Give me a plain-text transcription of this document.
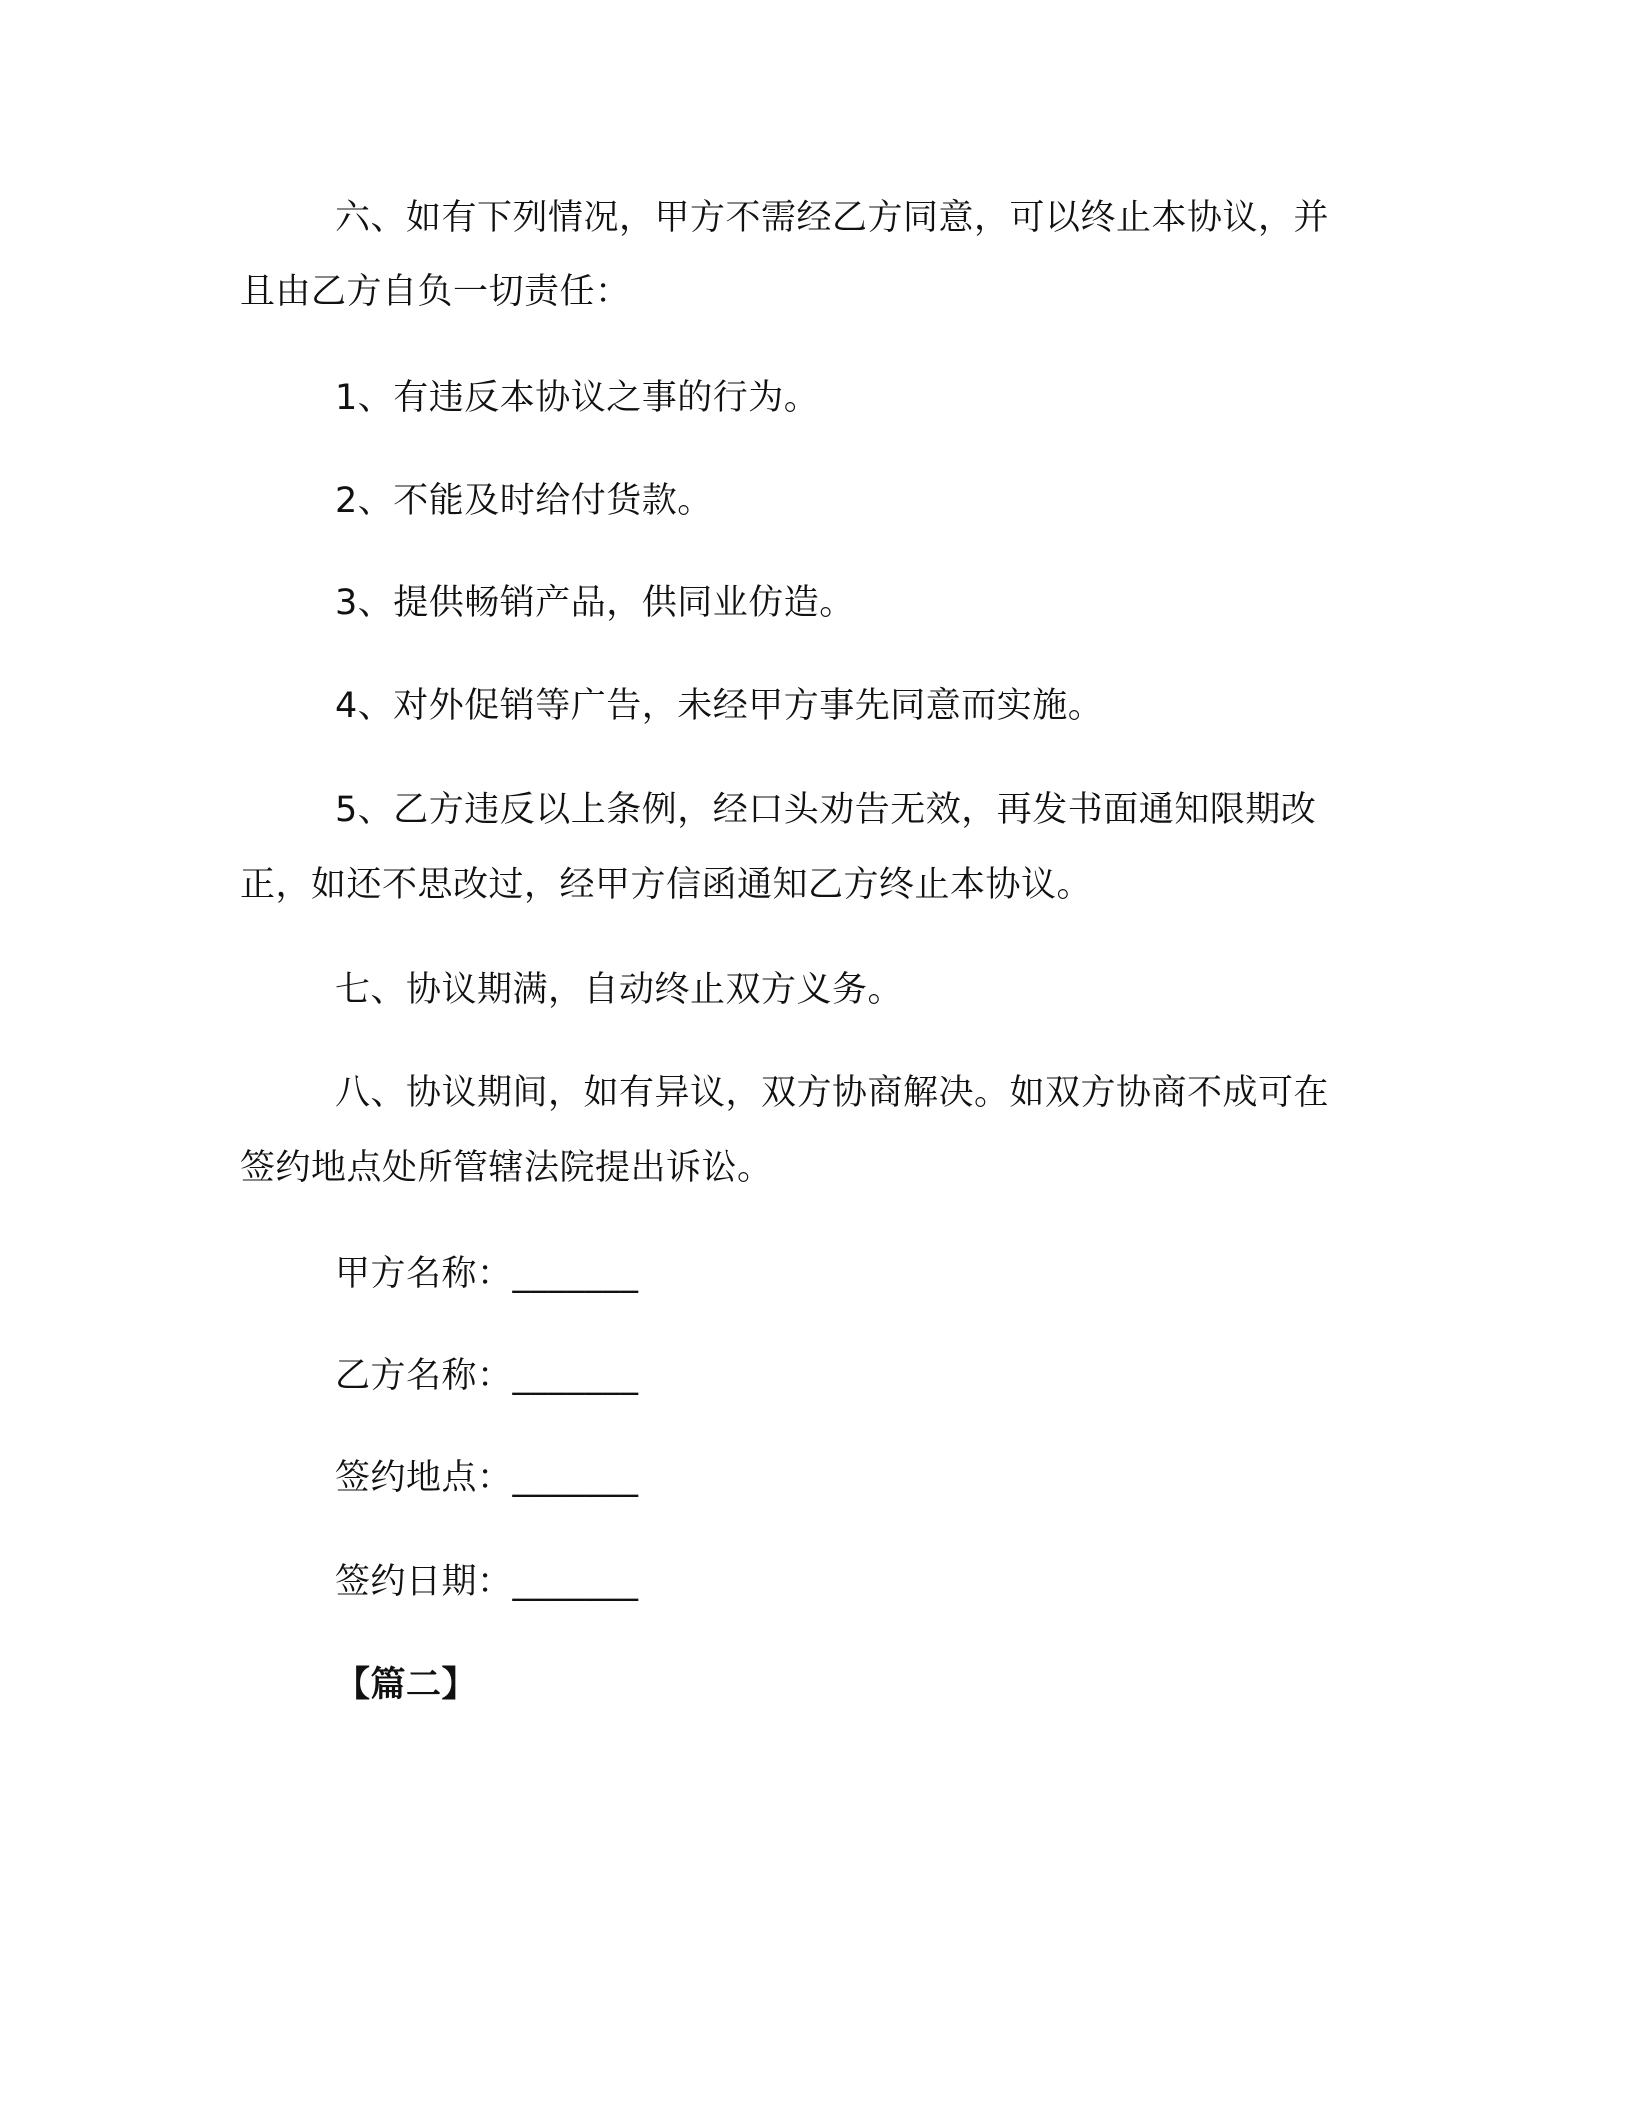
六、如有下列情况，甲方不需经乙方同意，可以终止本协议，并
且由乙方自负一切责任：
1、有违反本协议之事的行为。
2、不能及时给付货款。
3、提供畅销产品，供同业仿造。
4、对外促销等广告，未经甲方事先同意而实施。
5、乙方违反以上条例，经口头劝告无效，再发书面通知限期改
正，如还不思改过，经甲方信函通知乙方终止本协议。
七、协议期满，自动终止双方义务。
八、协议期间，如有异议，双方协商解决。如双方协商不成可在
签约地点处所管辖法院提出诉讼。
甲方名称：_______
乙方名称：_______
签约地点：_______
签约日期：_______
【篇二】
